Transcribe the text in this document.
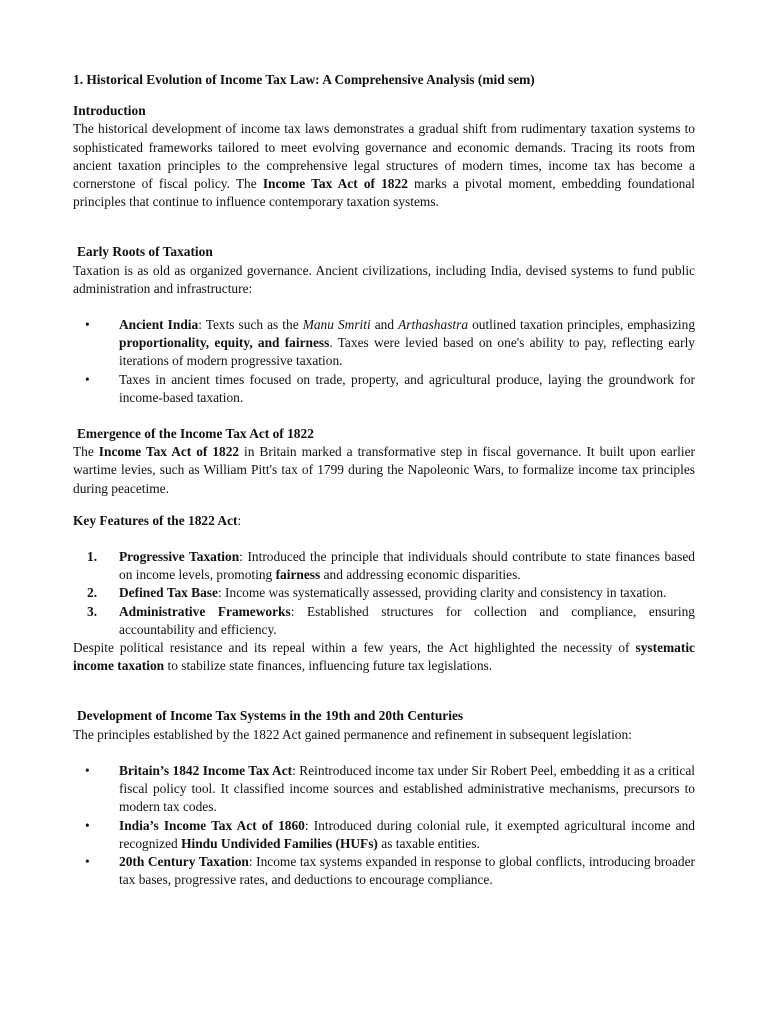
1. Historical Evolution of Income Tax Law: A Comprehensive Analysis (mid sem)

Introduction

The historical development of income tax laws demonstrates a gradual shift from rudimentary taxation systems to sophisticated frameworks tailored to meet evolving governance and economic demands. Tracing its roots from ancient taxation principles to the comprehensive legal structures of modern times, income tax has become a cornerstone of fiscal policy. The Income Tax Act of 1822 marks a pivotal moment, embedding foundational principles that continue to influence contemporary taxation systems.

Early Roots of Taxation

Taxation is as old as organized governance. Ancient civilizations, including India, devised systems to fund public administration and infrastructure:

• Ancient India: Texts such as the Manu Smriti and Arthashastra outlined taxation principles, emphasizing proportionality, equity, and fairness. Taxes were levied based on one's ability to pay, reflecting early iterations of modern progressive taxation.
• Taxes in ancient times focused on trade, property, and agricultural produce, laying the groundwork for income-based taxation.

Emergence of the Income Tax Act of 1822

The Income Tax Act of 1822 in Britain marked a transformative step in fiscal governance. It built upon earlier wartime levies, such as William Pitt's tax of 1799 during the Napoleonic Wars, to formalize income tax principles during peacetime.

Key Features of the 1822 Act:

1. Progressive Taxation: Introduced the principle that individuals should contribute to state finances based on income levels, promoting fairness and addressing economic disparities.
2. Defined Tax Base: Income was systematically assessed, providing clarity and consistency in taxation.
3. Administrative Frameworks: Established structures for collection and compliance, ensuring accountability and efficiency.

Despite political resistance and its repeal within a few years, the Act highlighted the necessity of systematic income taxation to stabilize state finances, influencing future tax legislations.

Development of Income Tax Systems in the 19th and 20th Centuries

The principles established by the 1822 Act gained permanence and refinement in subsequent legislation:

• Britain’s 1842 Income Tax Act: Reintroduced income tax under Sir Robert Peel, embedding it as a critical fiscal policy tool. It classified income sources and established administrative mechanisms, precursors to modern tax codes.
• India’s Income Tax Act of 1860: Introduced during colonial rule, it exempted agricultural income and recognized Hindu Undivided Families (HUFs) as taxable entities.
• 20th Century Taxation: Income tax systems expanded in response to global conflicts, introducing broader tax bases, progressive rates, and deductions to encourage compliance.
